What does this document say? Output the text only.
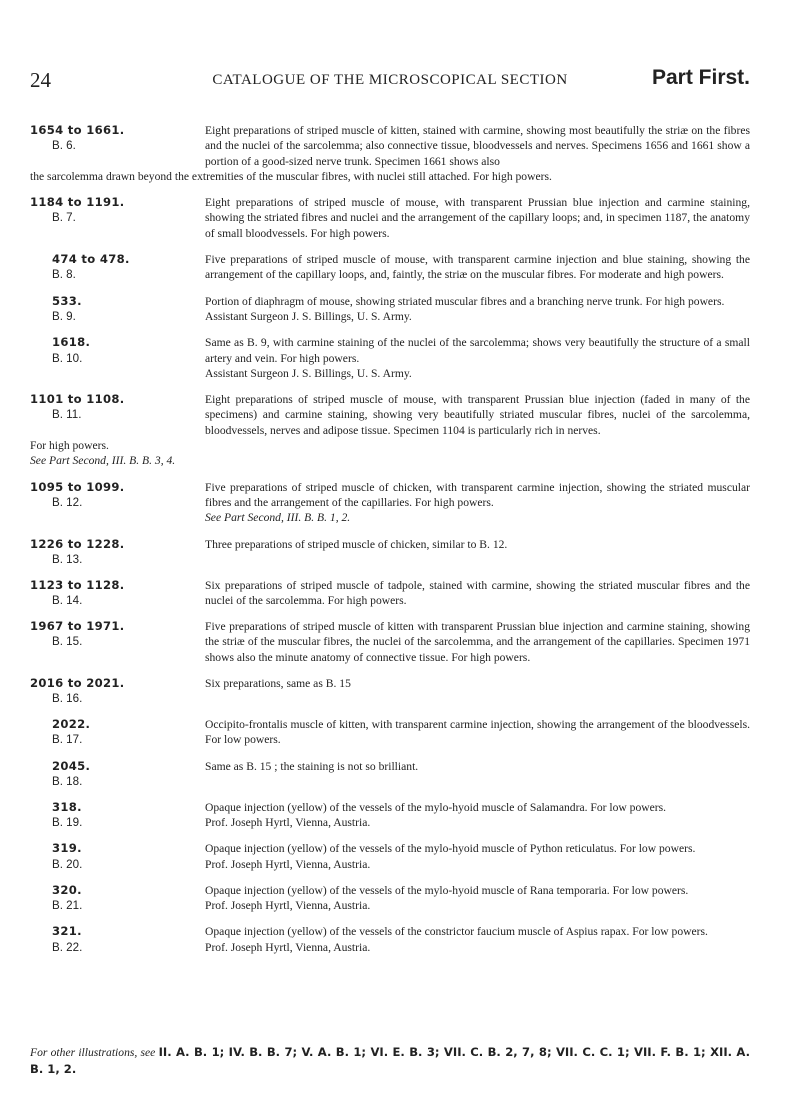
24	CATALOGUE OF THE MICROSCOPICAL SECTION	Part First.
1654 to 1661.
B. 6.
Eight preparations of striped muscle of kitten, stained with carmine, showing most beautifully the striæ on the fibres and the nuclei of the sarcolemma; also connective tissue, bloodvessels and nerves. Specimens 1656 and 1661 show a portion of a good-sized nerve trunk. Specimen 1661 shows also
the sarcolemma drawn beyond the extremities of the muscular fibres, with nuclei still attached. For high powers.
1184 to 1191.
B. 7.
Eight preparations of striped muscle of mouse, with transparent Prussian blue injection and carmine staining, showing the striated fibres and nuclei and the arrangement of the capillary loops; and, in specimen 1187, the anatomy of small bloodvessels. For high powers.
474 to 478.
B. 8.
Five preparations of striped muscle of mouse, with transparent carmine injection and blue staining, showing the arrangement of the capillary loops, and, faintly, the striæ on the muscular fibres. For moderate and high powers.
533.
B. 9.
Portion of diaphragm of mouse, showing striated muscular fibres and a branching nerve trunk. For high powers.
Assistant Surgeon J. S. Billings, U. S. Army.
1618.
B. 10.
Same as B. 9, with carmine staining of the nuclei of the sarcolemma; shows very beautifully the structure of a small artery and vein. For high powers.
Assistant Surgeon J. S. Billings, U. S. Army.
1101 to 1108.
B. 11.
Eight preparations of striped muscle of mouse, with transparent Prussian blue injection (faded in many of the specimens) and carmine staining, showing very beautifully striated muscular fibres, nuclei of the sarcolemma, bloodvessels, nerves and adipose tissue. Specimen 1104 is particularly rich in nerves.
For high powers.
See Part Second, III. B. B. 3, 4.
1095 to 1099.
B. 12.
Five preparations of striped muscle of chicken, with transparent carmine injection, showing the striated muscular fibres and the arrangement of the capillaries. For high powers.
See Part Second, III. B. B. 1, 2.
1226 to 1228.
B. 13.
Three preparations of striped muscle of chicken, similar to B. 12.
1123 to 1128.
B. 14.
Six preparations of striped muscle of tadpole, stained with carmine, showing the striated muscular fibres and the nuclei of the sarcolemma. For high powers.
1967 to 1971.
B. 15.
Five preparations of striped muscle of kitten with transparent Prussian blue injection and carmine staining, showing the striæ of the muscular fibres, the nuclei of the sarcolemma, and the arrangement of the capillaries. Specimen 1971 shows also the minute anatomy of connective tissue. For high powers.
2016 to 2021.
B. 16.
Six preparations, same as B. 15
2022.
B. 17.
Occipito-frontalis muscle of kitten, with transparent carmine injection, showing the arrangement of the bloodvessels. For low powers.
2045.
B. 18.
Same as B. 15 ; the staining is not so brilliant.
318.
B. 19.
Opaque injection (yellow) of the vessels of the mylo-hyoid muscle of Salamandra. For low powers.
Prof. Joseph Hyrtl, Vienna, Austria.
319.
B. 20.
Opaque injection (yellow) of the vessels of the mylo-hyoid muscle of Python reticulatus. For low powers.
Prof. Joseph Hyrtl, Vienna, Austria.
320.
B. 21.
Opaque injection (yellow) of the vessels of the mylo-hyoid muscle of Rana temporaria. For low powers.
Prof. Joseph Hyrtl, Vienna, Austria.
321.
B. 22.
Opaque injection (yellow) of the vessels of the constrictor faucium muscle of Aspius rapax. For low powers.
Prof. Joseph Hyrtl, Vienna, Austria.
For other illustrations, see II. A. B. 1; IV. B. B. 7; V. A. B. 1; VI. E. B. 3; VII. C. B. 2, 7, 8; VII. C. C. 1; VII. F. B. 1; XII. A. B. 1, 2.
